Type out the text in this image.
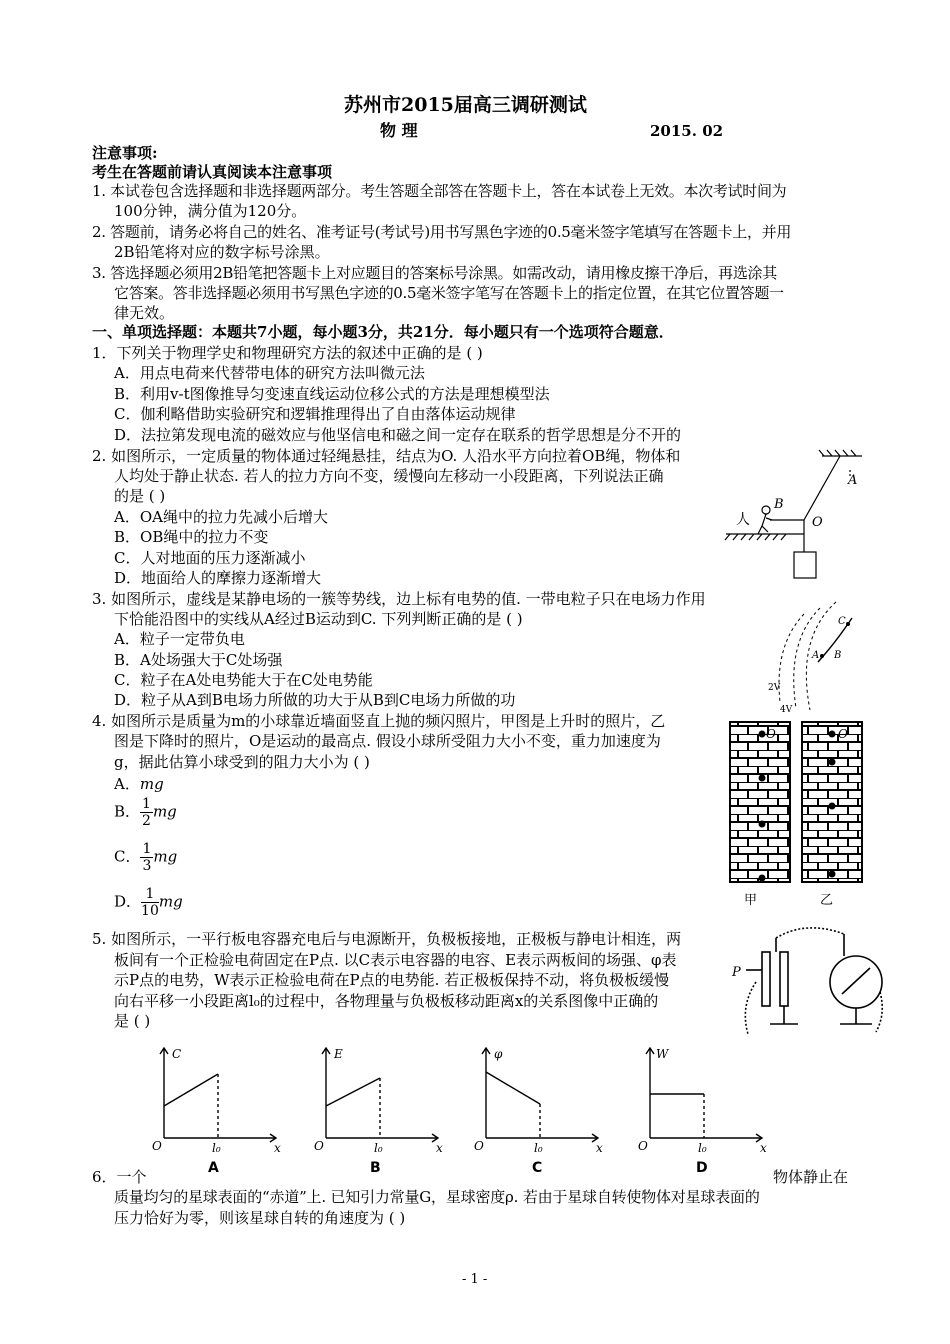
苏州市2015届高三调研测试
物 理	2015. 02
注意事项:
考生在答题前请认真阅读本注意事项
1. 本试卷包含选择题和非选择题两部分。考生答题全部答在答题卡上，答在本试卷上无效。本次考试时间为
100分钟，满分值为120分。
2. 答题前，请务必将自己的姓名、准考证号(考试号)用书写黑色字迹的0.5毫米签字笔填写在答题卡上，并用
2B铅笔将对应的数字标号涂黑。
3. 答选择题必须用2B铅笔把答题卡上对应题目的答案标号涂黑。如需改动，请用橡皮擦干净后，再选涂其
它答案。答非选择题必须用书写黑色字迹的0.5毫米签字笔写在答题卡上的指定位置，在其它位置答题一
律无效。
一、单项选择题：本题共7小题，每小题3分，共21分．每小题只有一个选项符合题意．
1．下列关于物理学史和物理研究方法的叙述中正确的是 ( )
A．用点电荷来代替带电体的研究方法叫微元法
B．利用v-t图像推导匀变速直线运动位移公式的方法是理想模型法
C．伽利略借助实验研究和逻辑推理得出了自由落体运动规律
D．法拉第发现电流的磁效应与他坚信电和磁之间一定存在联系的哲学思想是分不开的
2. 如图所示，一定质量的物体通过轻绳悬挂，结点为O. 人沿水平方向拉着OB绳，物体和
人均处于静止状态. 若人的拉力方向不变，缓慢向左移动一小段距离，下列说法正确
的是 ( )
A．OA绳中的拉力先减小后增大
B．OB绳中的拉力不变
C．人对地面的压力逐渐减小
D．地面给人的摩擦力逐渐增大
A
B
O
人
3. 如图所示，虚线是某静电场的一簇等势线，边上标有电势的值. 一带电粒子只在电场力作用
下恰能沿图中的实线从A经过B运动到C. 下列判断正确的是 ( )
A．粒子一定带负电
B．A处场强大于C处场强
C．粒子在A处电势能大于在C处电势能
D．粒子从A到B电场力所做的功大于从B到C电场力所做的功
A B
C
2V
4V
4. 如图所示是质量为m的小球靠近墙面竖直上抛的频闪照片，甲图是上升时的照片，乙
图是下降时的照片，O是运动的最高点. 假设小球所受阻力大小不变，重力加速度为
g，据此估算小球受到的阻力大小为 ( )
A．mg
B． $\frac{1}{2}$ mg
C． $\frac{1}{3}$ mg
D． $\frac{1}{10}$ mg
O	O
甲	乙
5. 如图所示，一平行板电容器充电后与电源断开，负极板接地，正极板与静电计相连，两
板间有一个正检验电荷固定在P点. 以C表示电容器的电容、E表示两板间的场强、φ表
示P点的电势，W表示正检验电荷在P点的电势能. 若正极板保持不动，将负极板缓慢
向右平移一小段距离l₀的过程中，各物理量与负极板移动距离x的关系图像中正确的
是 ( )
P
C
O	l₀	x
A
E
O	l₀	x
B
φ
O	l₀	x
C
W
O	l₀	x
D
6．一个	物体静止在
质量均匀的星球表面的“赤道”上. 已知引力常量G，星球密度ρ. 若由于星球自转使物体对星球表面的
压力恰好为零，则该星球自转的角速度为 ( )
- 1 -
